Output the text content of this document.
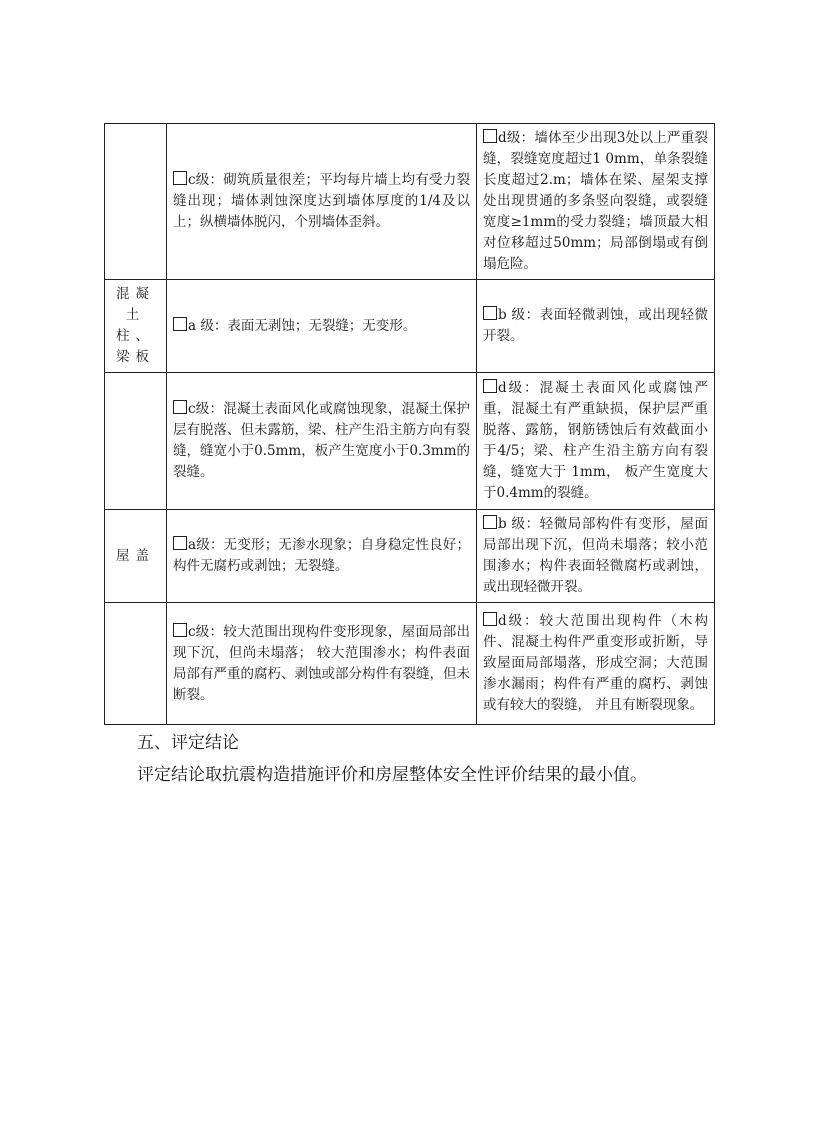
	c级：砌筑质量很差；平均每片墙上均有受力裂缝出现；墙体剥蚀深度达到墙体厚度的1/4及以上；纵横墙体脱闪，个别墙体歪斜。	d级：墙体至少出现3处以上严重裂缝，裂缝宽度超过1 0mm，单条裂缝长度超过2.m；墙体在梁、屋架支撑处出现贯通的多条竖向裂缝，或裂缝宽度≥1mm的受力裂缝；墙顶最大相对位移超过50mm；局部倒塌或有倒塌危险。
混凝土柱、梁板	a 级：表面无剥蚀；无裂缝；无变形。	b 级：表面轻微剥蚀，或出现轻微开裂。
	c级：混凝土表面风化或腐蚀现象，混凝土保护层有脱落、但未露筋，梁、柱产生沿主筋方向有裂缝，缝宽小于0.5mm，板产生宽度小于0.3mm的裂缝。	d级：混凝土表面风化或腐蚀严重，混凝土有严重缺损，保护层严重脱落、露筋，钢筋锈蚀后有效截面小于4/5；梁、柱产生沿主筋方向有裂缝，缝宽大于 1mm， 板产生宽度大于0.4mm的裂缝。
屋盖	a级：无变形；无渗水现象；自身稳定性良好；构件无腐朽或剥蚀；无裂缝。	b 级：轻微局部构件有变形，屋面局部出现下沉，但尚未塌落；较小范围渗水；构件表面轻微腐朽或剥蚀，或出现轻微开裂。
	c级：较大范围出现构件变形现象，屋面局部出现下沉，但尚未塌落； 较大范围渗水；构件表面局部有严重的腐朽、剥蚀或部分构件有裂缝，但未断裂。	d级：较大范围出现构件（木构件、混凝土构件严重变形或折断，导致屋面局部塌落，形成空洞；大范围渗水漏雨；构件有严重的腐朽、剥蚀或有较大的裂缝， 并且有断裂现象。
五、评定结论
评定结论取抗震构造措施评价和房屋整体安全性评价结果的最小值。
